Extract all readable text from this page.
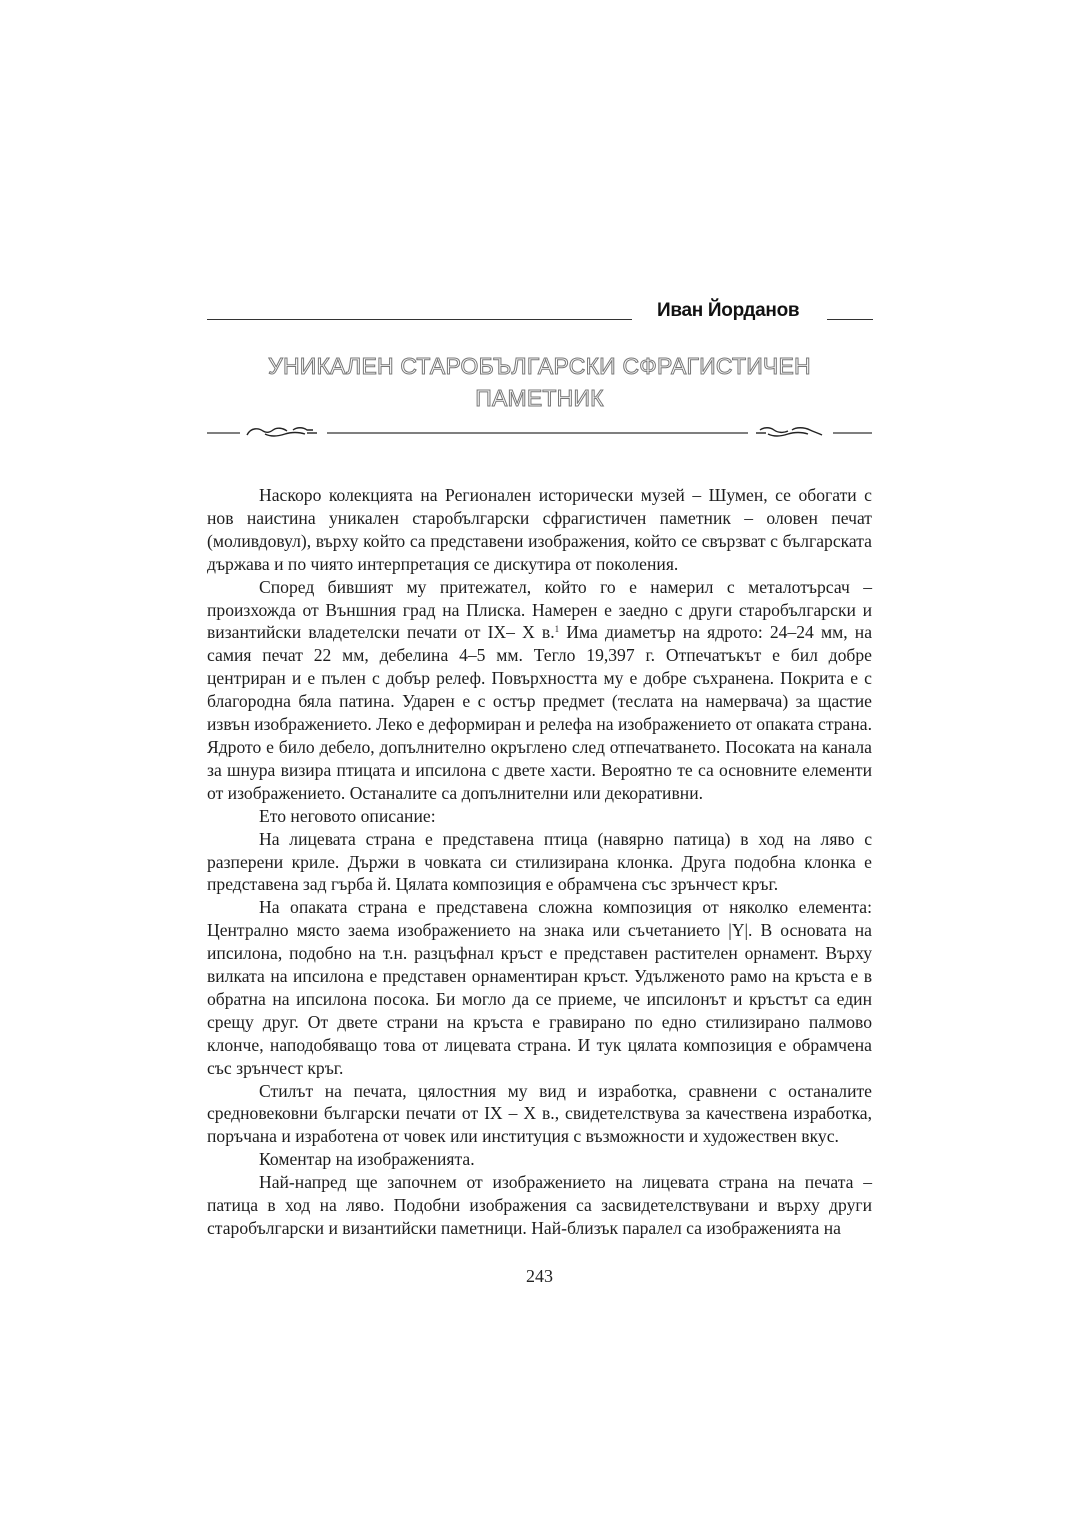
Иван Йорданов
УНИКАЛЕН СТАРОБЪЛГАРСКИ СФРАГИСТИЧЕН
ПАМЕТНИК

Наскоро колекцията на Регионален исторически музей – Шумен, се обогати с нов наистина уникален старобългарски сфрагистичен паметник – оловен печат (моливдовул), върху който са представени изображения, който се свързват с българската държава и по чиято интерпретация се дискутира от поколения.

Според бившият му притежател, който го е намерил с металотърсач – произхожда от Външния град на Плиска. Намерен е заедно с други старобългарски и византийски владетелски печати от ІХ– Х в.$^1$ Има диаметър на ядрото: 24–24 мм, на самия печат 22 мм, дебелина 4–5 мм. Тегло 19,397 г. Отпечатъкът е бил добре центриран и е пълен с добър релеф. Повърхността му е добре съхранена. Покрита е с благородна бяла патина. Ударен е с остър предмет (теслата на намервача) за щастие извън изображението. Леко е деформиран и релефа на изображението от опаката страна. Ядрото е било дебело, допълнително окръглено след отпечатването. Посоката на канала за шнура визира птицата и ипсилона с двете хасти. Вероятно те са основните елементи от изображението. Останалите са допълнителни или декоративни.

Ето неговото описание:

На лицевата страна е представена птица (навярно патица) в ход на ляво с разперени криле. Държи в човката си стилизирана клонка. Друга подобна клонка е представена зад гърба й. Цялата композиция е обрамчена със зрънчест кръг.

На опаката страна е представена сложна композиция от няколко елемента: Централно място заема изображението на знака или съчетанието |Y|. В основата на ипсилона, подобно на т.н. разцъфнал кръст е представен растителен орнамент. Върху вилката на ипсилона е представен орнаментиран кръст. Удълженото рамо на кръста е в обратна на ипсилона посока. Би могло да се приеме, че ипсилонът и кръстът са един срещу друг. От двете страни на кръста е гравирано по едно стилизирано палмово клонче, наподобяващо това от лицевата страна. И тук цялата композиция е обрамчена със зрънчест кръг.

Стилът на печата, цялостния му вид и изработка, сравнени с останалите средновековни български печати от ІХ – Х в., свидетелствува за качествена изработка, поръчана и изработена от човек или институция с възможности и художествен вкус.

Коментар на изображенията.

Най-напред ще започнем от изображението на лицевата страна на печата – патица в ход на ляво. Подобни изображения са засвидетелствувани и върху други старобългарски и византийски паметници. Най-близък паралел са изображенията на

243
